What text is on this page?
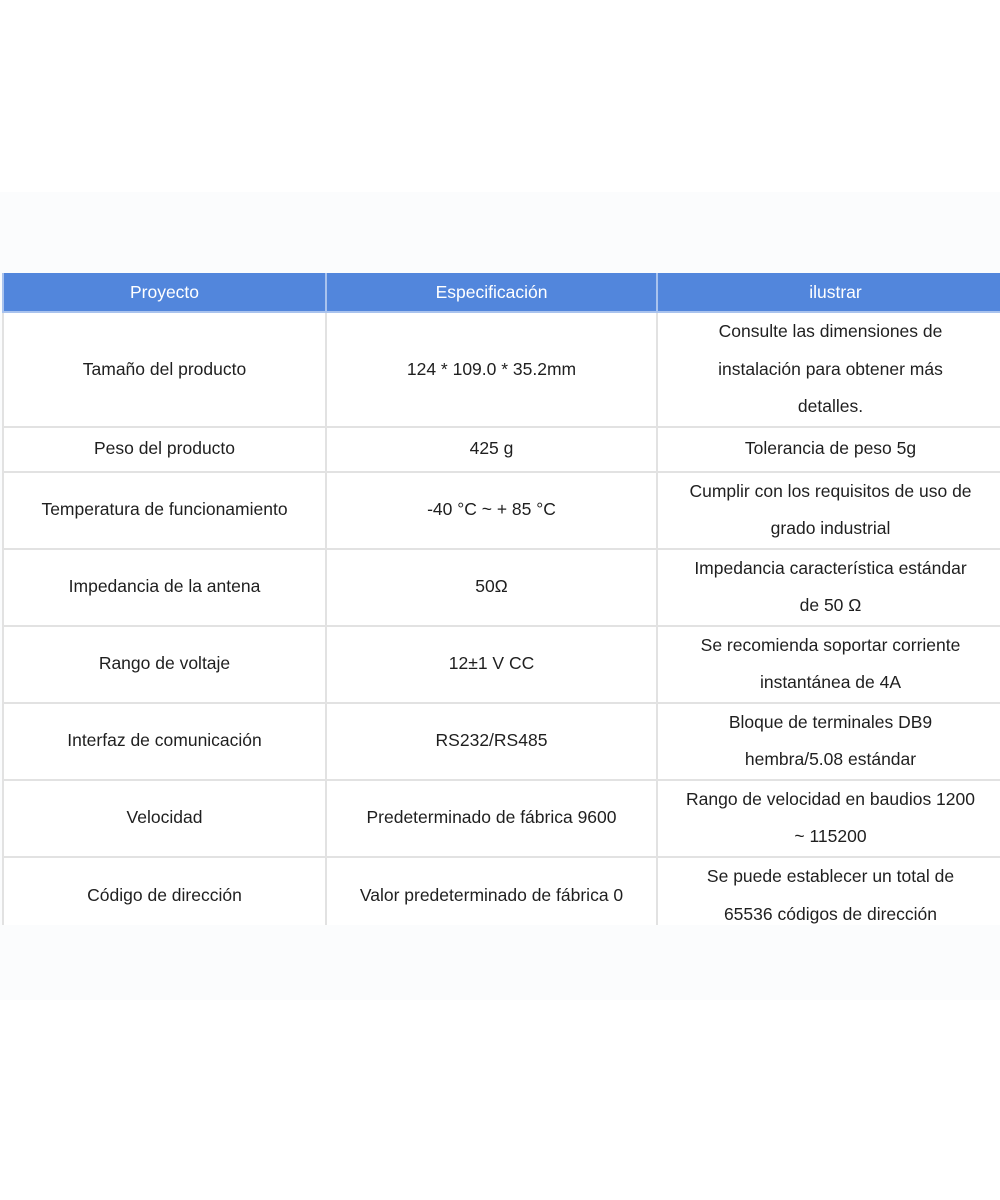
Proyecto	Especificación	ilustrar
Tamaño del producto	124 * 109.0 * 35.2mm	Consulte las dimensiones de
instalación para obtener más
detalles.

Peso del producto	425 g	Tolerancia de peso 5g

Temperatura de funcionamiento	-40 °C ~ + 85 °C	Cumplir con los requisitos de uso de
grado industrial

Impedancia de la antena	50Ω	Impedancia característica estándar
de 50 Ω

Rango de voltaje	12±1 V CC	Se recomienda soportar corriente
instantánea de 4A

Interfaz de comunicación	RS232/RS485	Bloque de terminales DB9
hembra/5.08 estándar

Velocidad	Predeterminado de fábrica 9600	Rango de velocidad en baudios 1200
~ 115200

Código de dirección	Valor predeterminado de fábrica 0	Se puede establecer un total de
65536 códigos de dirección
